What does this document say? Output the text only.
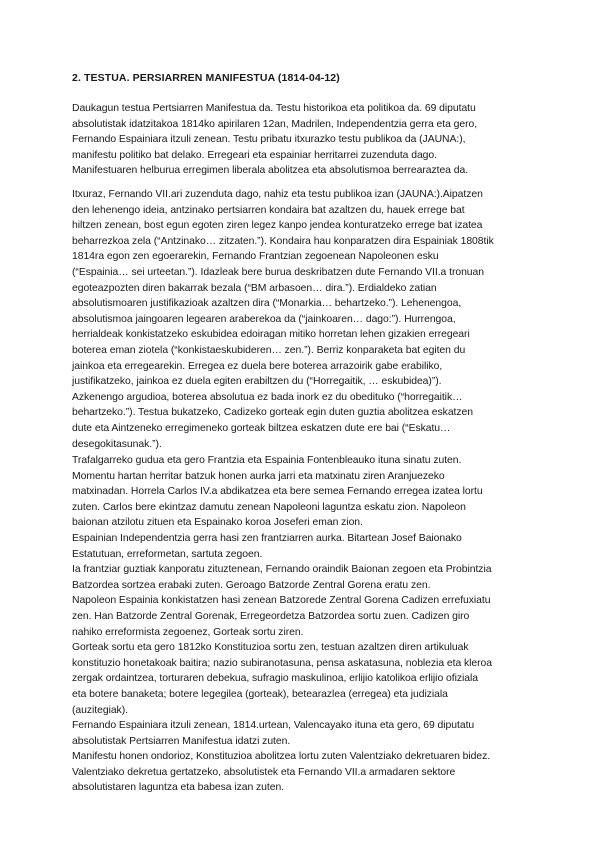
2. TESTUA. PERSIARREN MANIFESTUA (1814-04-12)

Daukagun testua Pertsiarren Manifestua da. Testu historikoa eta politikoa da. 69 diputatu
absolutistak idatzitakoa 1814ko apirilaren 12an, Madrilen, Independentzia gerra eta gero,
Fernando Espainiara itzuli zenean. Testu pribatu itxurazko testu publikoa da (JAUNA:),
manifestu politiko bat delako. Erregeari eta espainiar herritarrei zuzenduta dago.
Manifestuaren helburua erregimen liberala abolitzea eta absolutismoa berrearaztea da.

Itxuraz, Fernando VII.ari zuzenduta dago, nahiz eta testu publikoa izan (JAUNA:).Aipatzen
den lehenengo ideia, antzinako pertsiarren kondaira bat azaltzen du, hauek errege bat
hiltzen zenean, bost egun egoten ziren legez kanpo jendea konturatzeko errege bat izatea
beharrezkoa zela (“Antzinako… zitzaten.”). Kondaira hau konparatzen dira Espainiak 1808tik
1814ra egon zen egoerarekin, Fernando Frantzian zegoenean Napoleonen esku
(“Espainia… sei urteetan.”). Idazleak bere burua deskribatzen dute Fernando VII.a tronuan
egoteazpozten diren bakarrak bezala (“BM arbasoen… dira.”). Erdialdeko zatian
absolutismoaren justifikazioak azaltzen dira (“Monarkia… behartzeko.”). Lehenengoa,
absolutismoa jaingoaren legearen araberekoa da (“jainkoaren… dago:”). Hurrengoa,
herrialdeak konkistatzeko eskubidea edoiragan mitiko horretan lehen gizakien erregeari
boterea eman ziotela (“konkistaeskubideren… zen.”). Berriz konparaketa bat egiten du
jainkoa eta erregearekin. Erregea ez duela bere boterea arrazoirik gabe erabiliko,
justifikatzeko, jainkoa ez duela egiten erabiltzen du (“Horregaitik, … eskubidea)”).
Azkenengo argudioa, boterea absolutua ez bada inork ez du obedituko (“horregaitik…
behartzeko.”). Testua bukatzeko, Cadizeko gorteak egin duten guztia abolitzea eskatzen
dute eta Aintzeneko erregimeneko gorteak biltzea eskatzen dute ere bai (“Eskatu…
desegokitasunak.”).

Trafalgarreko gudua eta gero Frantzia eta Espainia Fontenbleauko ituna sinatu zuten.
Momentu hartan herritar batzuk honen aurka jarri eta matxinatu ziren Aranjuezeko
matxinadan. Horrela Carlos IV.a abdikatzea eta bere semea Fernando erregea izatea lortu
zuten. Carlos bere ekintzaz damutu zenean Napoleoni laguntza eskatu zion. Napoleon
baionan atzilotu zituen eta Espainako koroa Joseferi eman zion.
Espainian Independentzia gerra hasi zen frantziarren aurka. Bitartean Josef Baionako
Estatutuan, erreformetan, sartuta zegoen.
Ia frantziar guztiak kanporatu zituztenean, Fernando oraindik Baionan zegoen eta Probintzia
Batzordea sortzea erabaki zuten. Geroago Batzorde Zentral Gorena eratu zen.
Napoleon Espainia konkistatzen hasi zenean Batzorede Zentral Gorena Cadizen errefuxiatu
zen. Han Batzorde Zentral Gorenak, Erregeordetza Batzordea sortu zuen. Cadizen giro
nahiko erreformista zegoenez, Gorteak sortu ziren.
Gorteak sortu eta gero 1812ko Konstituzioa sortu zen, testuan azaltzen diren artikuluak
konstituzio honetakoak baitira; nazio subiranotasuna, pensa askatasuna, noblezia eta kleroa
zergak ordaintzea, torturaren debekua, sufragio maskulinoa, erlijio katolikoa erlijio ofiziala
eta botere banaketa; botere legegilea (gorteak), betearazlea (erregea) eta judiziala
(auzitegiak).
Fernando Espainiara itzuli zenean, 1814.urtean, Valencayako ituna eta gero, 69 diputatu
absolutistak Pertsiarren Manifestua idatzi zuten.
Manifestu honen ondorioz, Konstituzioa abolitzea lortu zuten Valentziako dekretuaren bidez.
Valentziako dekretua gertatzeko, absolutistek eta Fernando VII.a armadaren sektore
absolutistaren laguntza eta babesa izan zuten.
